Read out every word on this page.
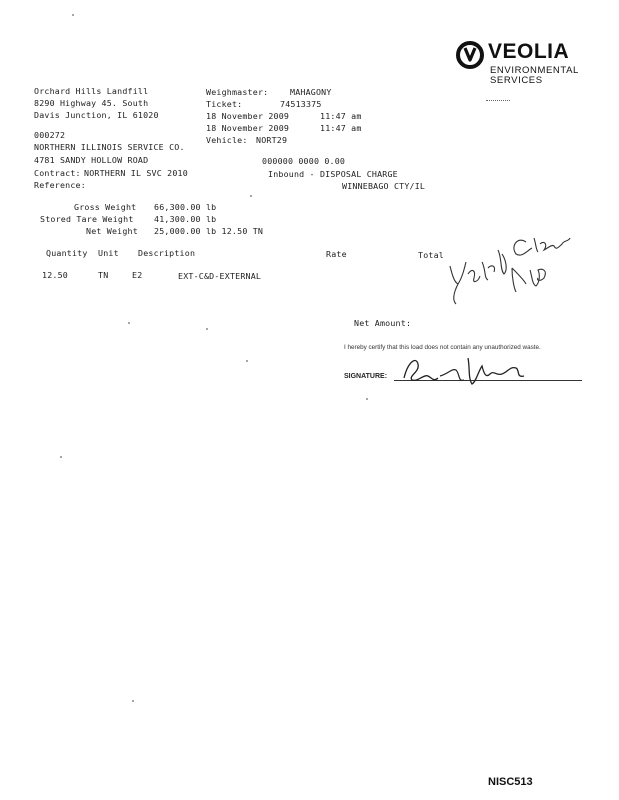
VEOLIA
ENVIRONMENTAL
SERVICES
Orchard Hills Landfill
8290 Highway 45. South
Davis Junction, IL 61020
Weighmaster:	MAHAGONY
Ticket:	74513375
18 November 2009	11:47 am
18 November 2009	11:47 am
Vehicle: NORT29
000272
NORTHERN ILLINOIS SERVICE CO.
4781 SANDY HOLLOW ROAD	000000 0000 0.00
Contract: NORTHERN IL SVC 2010	Inbound - DISPOSAL CHARGE
Reference:	WINNEBAGO CTY/IL
Gross Weight 66,300.00 lb
Stored Tare Weight 41,300.00 lb
Net Weight 25,000.00 lb 12.50 TN
Quantity Unit Description	Rate	Total
12.50	TN	E2	EXT-C&D-EXTERNAL
Net Amount:
I hereby certify that this load does not contain any unauthorized waste.
SIGNATURE:
NISC513
